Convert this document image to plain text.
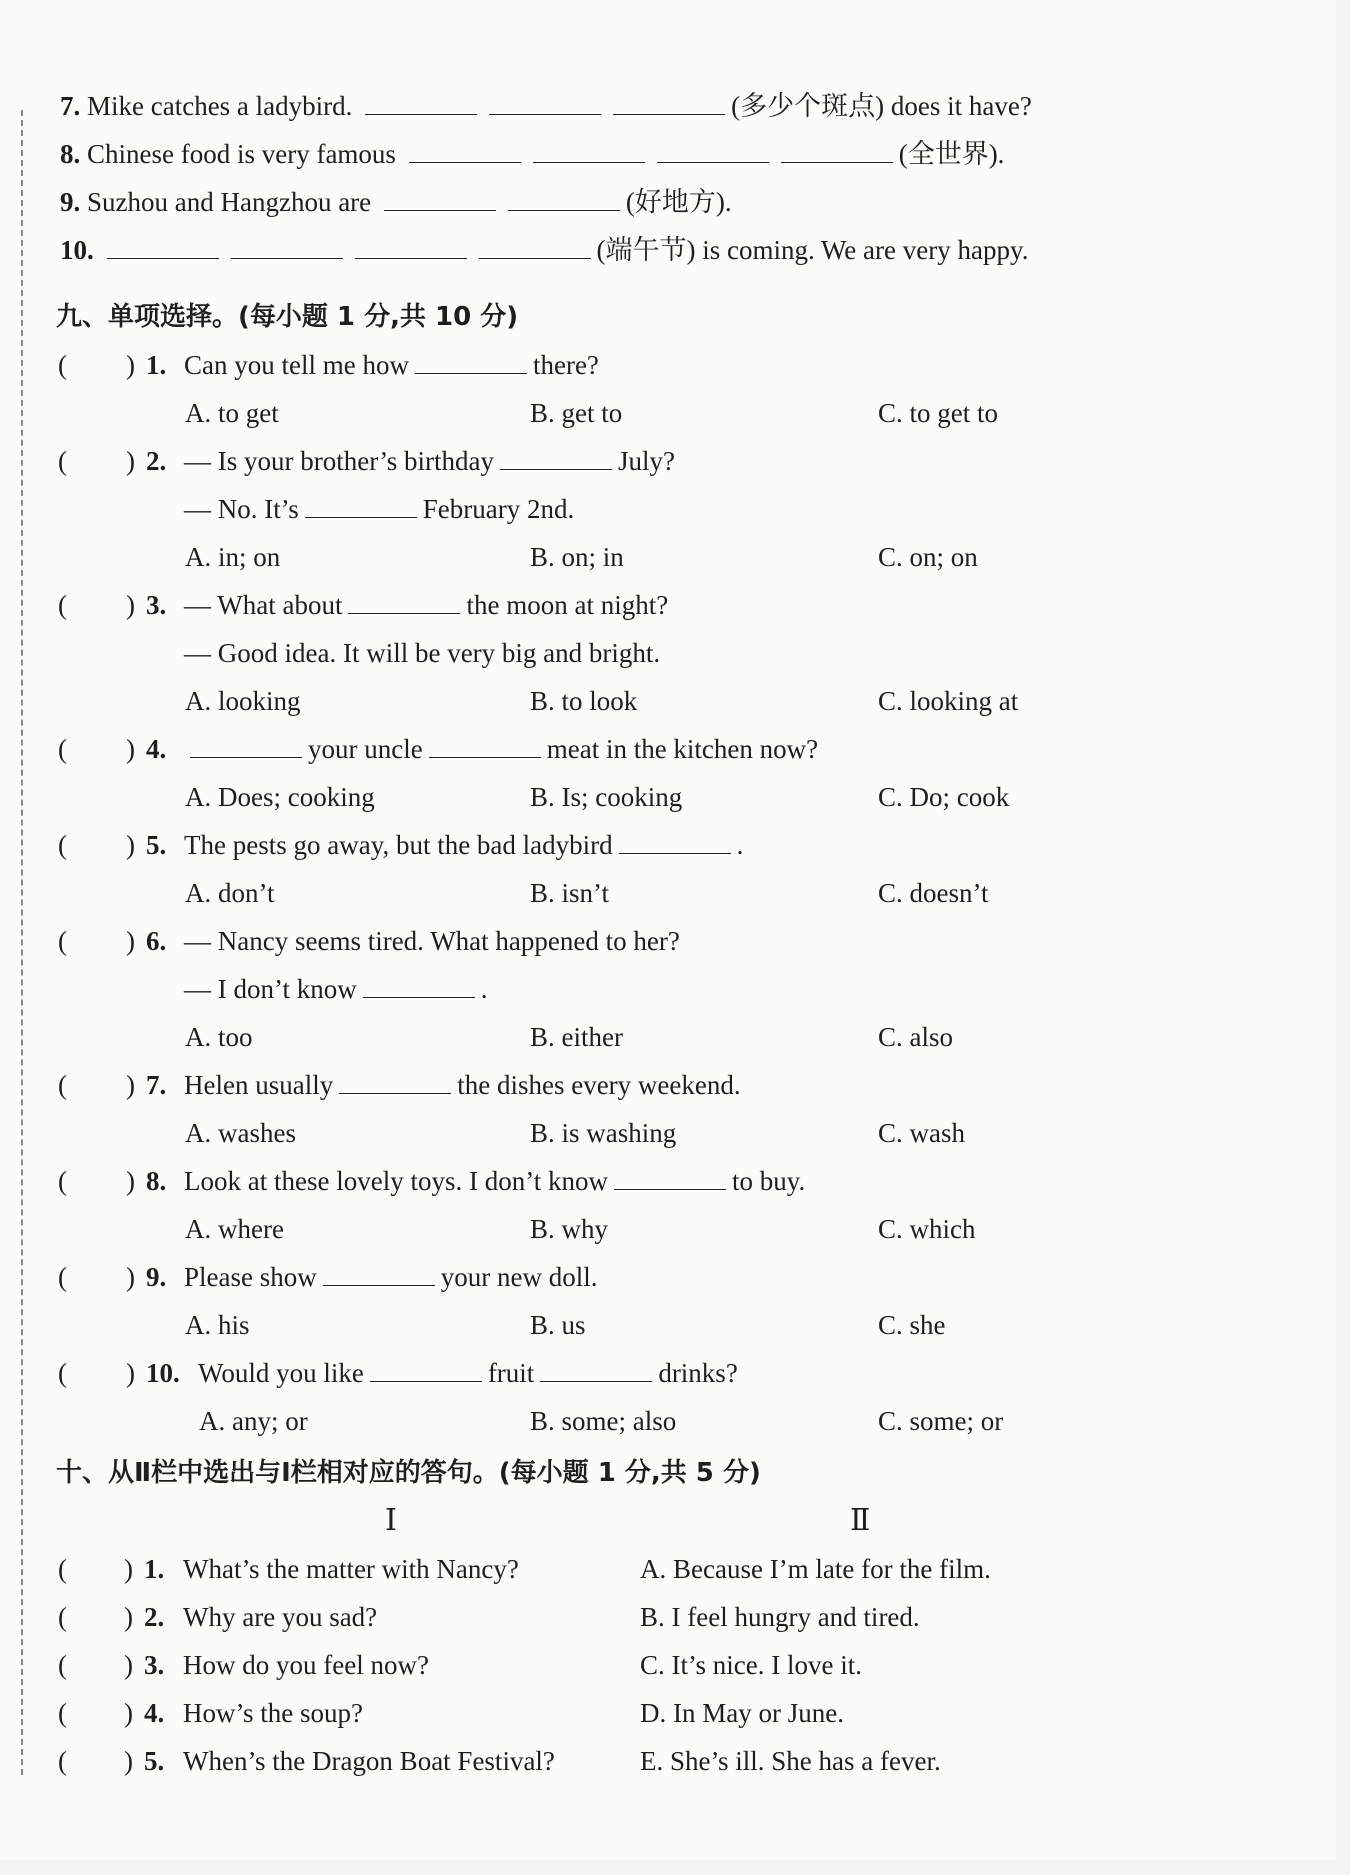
7. Mike catches a ladybird.	(多少个斑点) does it have?
8. Chinese food is very famous	(全世界).
9. Suzhou and Hangzhou are	(好地方).
10.	(端午节) is coming. We are very happy.
九、单项选择。(每小题 1 分,共 10 分)
( ) 1. Can you tell me how	there?
A. to get	B. get to	C. to get to
( ) 2. — Is your brother’s birthday	July?
— No. It’s	February 2nd.
A. in; on	B. on; in	C. on; on
( ) 3. — What about	the moon at night?
— Good idea. It will be very big and bright.
A. looking	B. to look	C. looking at
( ) 4.	your uncle	meat in the kitchen now?
A. Does; cooking	B. Is; cooking	C. Do; cook
( ) 5. The pests go away, but the bad ladybird	.
A. don’t	B. isn’t	C. doesn’t
( ) 6. — Nancy seems tired. What happened to her?
— I don’t know	.
A. too	B. either	C. also
( ) 7. Helen usually	the dishes every weekend.
A. washes	B. is washing	C. wash
( ) 8. Look at these lovely toys. I don’t know	to buy.
A. where	B. why	C. which
( ) 9. Please show	your new doll.
A. his	B. us	C. she
( ) 10. Would you like	fruit	drinks?
A. any; or	B. some; also	C. some; or
十、从Ⅱ栏中选出与Ⅰ栏相对应的答句。(每小题 1 分,共 5 分)
Ⅰ	Ⅱ
( ) 1. What’s the matter with Nancy?	A. Because I’m late for the film.
( ) 2. Why are you sad?	B. I feel hungry and tired.
( ) 3. How do you feel now?	C. It’s nice. I love it.
( ) 4. How’s the soup?	D. In May or June.
( ) 5. When’s the Dragon Boat Festival?	E. She’s ill. She has a fever.
